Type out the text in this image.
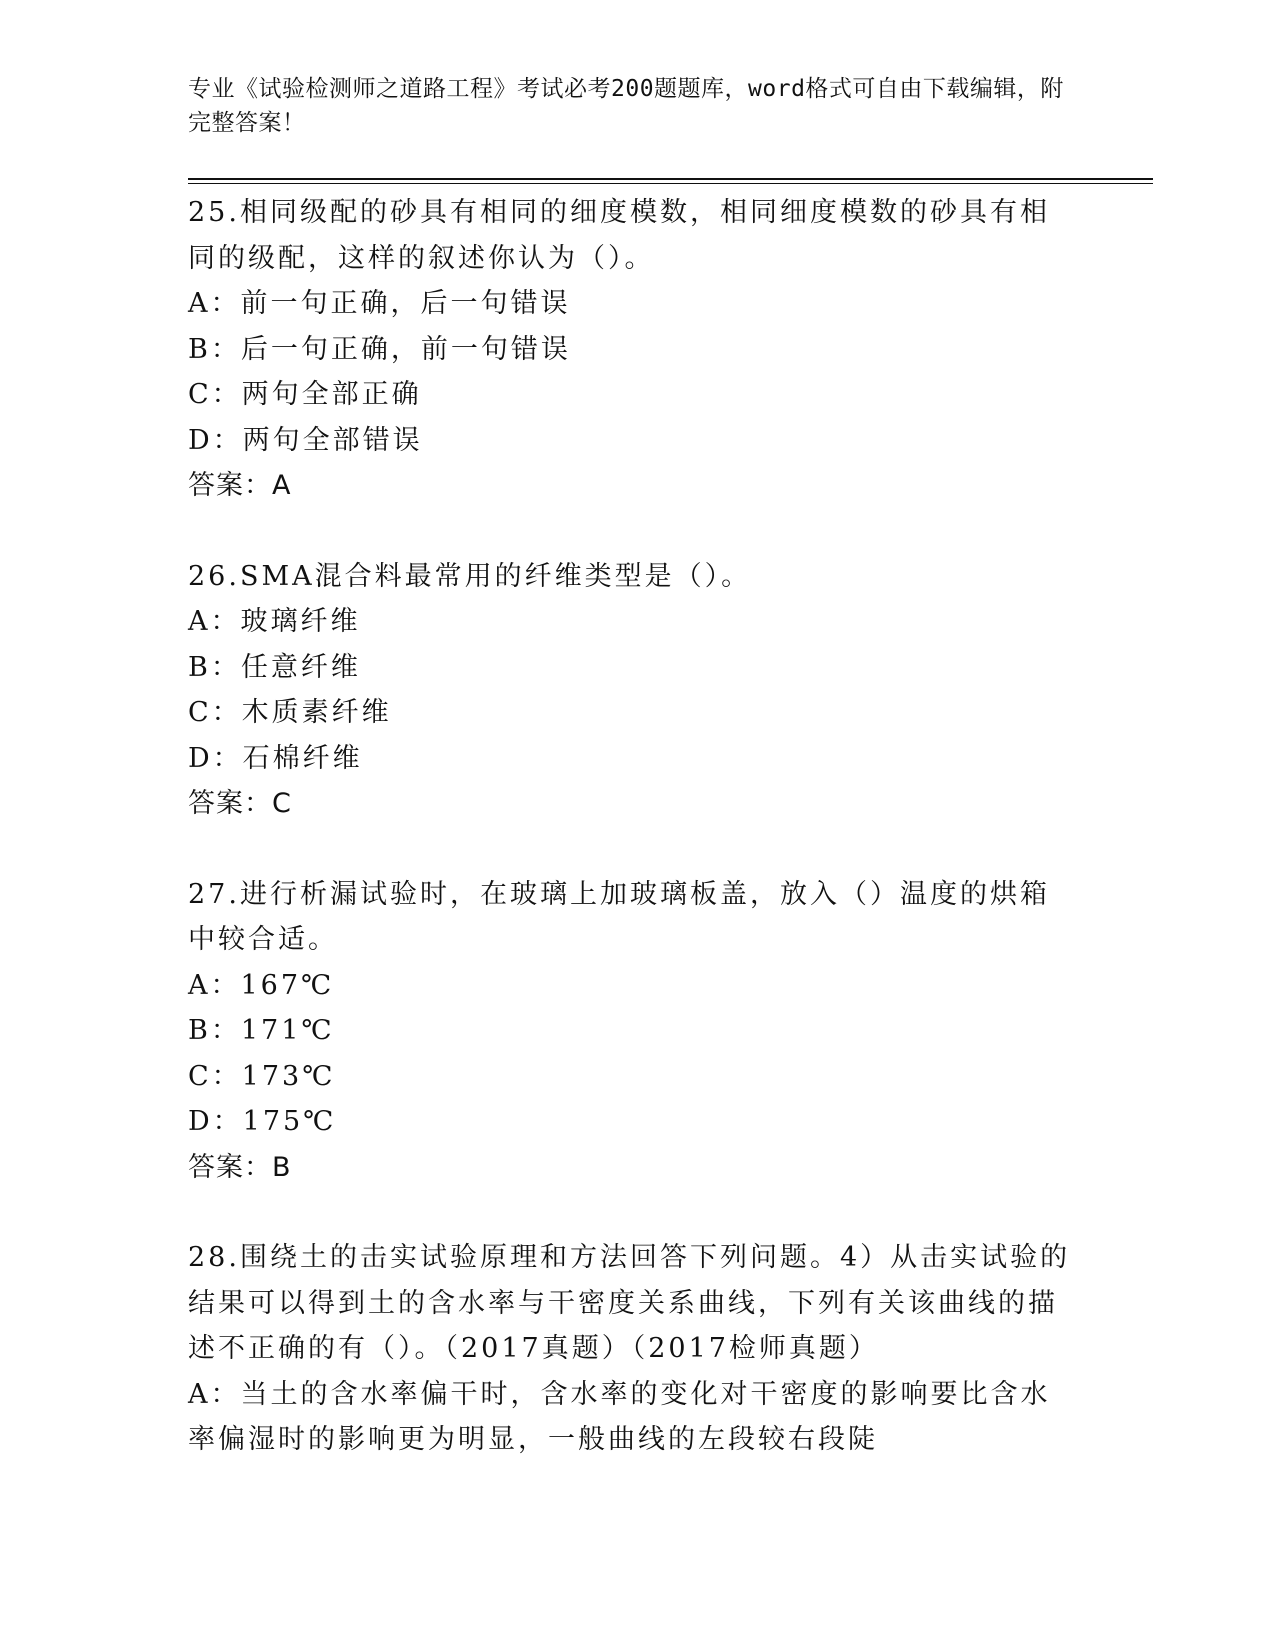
专业《试验检测师之道路工程》考试必考200题题库，word格式可自由下载编辑，附完整答案！
25.相同级配的砂具有相同的细度模数，相同细度模数的砂具有相同的级配，这样的叙述你认为（）。
A：前一句正确，后一句错误
B：后一句正确，前一句错误
C：两句全部正确
D：两句全部错误
答案：A
26.SMA混合料最常用的纤维类型是（）。
A：玻璃纤维
B：任意纤维
C：木质素纤维
D：石棉纤维
答案：C
27.进行析漏试验时，在玻璃上加玻璃板盖，放入（）温度的烘箱中较合适。
A：167℃
B：171℃
C：173℃
D：175℃
答案：B
28.围绕土的击实试验原理和方法回答下列问题。4）从击实试验的结果可以得到土的含水率与干密度关系曲线，下列有关该曲线的描述不正确的有（）。（2017真题）（2017检师真题）
A：当土的含水率偏干时，含水率的变化对干密度的影响要比含水率偏湿时的影响更为明显，一般曲线的左段较右段陡
